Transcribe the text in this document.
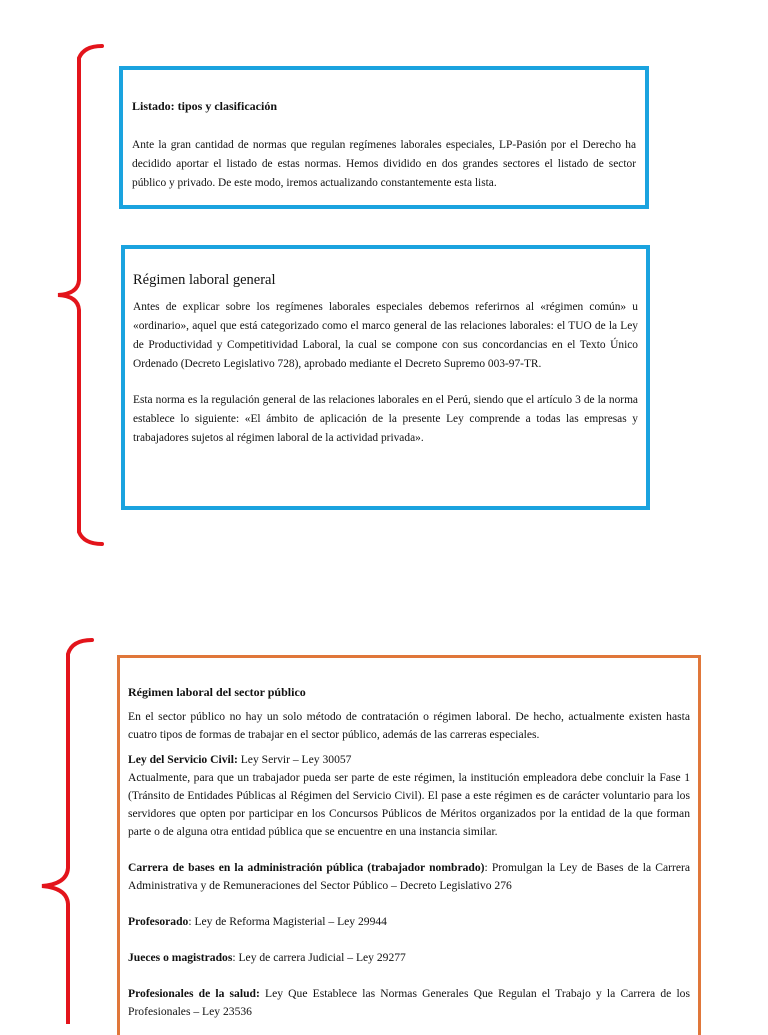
Listado: tipos y clasificación
Ante la gran cantidad de normas que regulan regímenes laborales especiales, LP-Pasión por el Derecho ha decidido aportar el listado de estas normas. Hemos dividido en dos grandes sectores el listado de sector público y privado. De este modo, iremos actualizando constantemente esta lista.
Régimen laboral general
Antes de explicar sobre los regímenes laborales especiales debemos referirnos al «régimen común» u «ordinario», aquel que está categorizado como el marco general de las relaciones laborales: el TUO de la Ley de Productividad y Competitividad Laboral, la cual se compone con sus concordancias en el Texto Único Ordenado (Decreto Legislativo 728), aprobado mediante el Decreto Supremo 003-97-TR.
Esta norma es la regulación general de las relaciones laborales en el Perú, siendo que el artículo 3 de la norma establece lo siguiente: «El ámbito de aplicación de la presente Ley comprende a todas las empresas y trabajadores sujetos al régimen laboral de la actividad privada».
Régimen laboral del sector público

En el sector público no hay un solo método de contratación o régimen laboral. De hecho, actualmente existen hasta cuatro tipos de formas de trabajar en el sector público, además de las carreras especiales.

Ley del Servicio Civil: Ley Servir – Ley 30057

Actualmente, para que un trabajador pueda ser parte de este régimen, la institución empleadora debe concluir la Fase 1 (Tránsito de Entidades Públicas al Régimen del Servicio Civil). El pase a este régimen es de carácter voluntario para los servidores que opten por participar en los Concursos Públicos de Méritos organizados por la entidad de la que forman parte o de alguna otra entidad pública que se encuentre en una instancia similar.

Carrera de bases en la administración pública (trabajador nombrado): Promulgan la Ley de Bases de la Carrera Administrativa y de Remuneraciones del Sector Público – Decreto Legislativo 276

Profesorado: Ley de Reforma Magisterial – Ley 29944

Jueces o magistrados: Ley de carrera Judicial – Ley 29277

Profesionales de la salud: Ley Que Establece las Normas Generales Que Regulan el Trabajo y la Carrera de los Profesionales – Ley 23536
